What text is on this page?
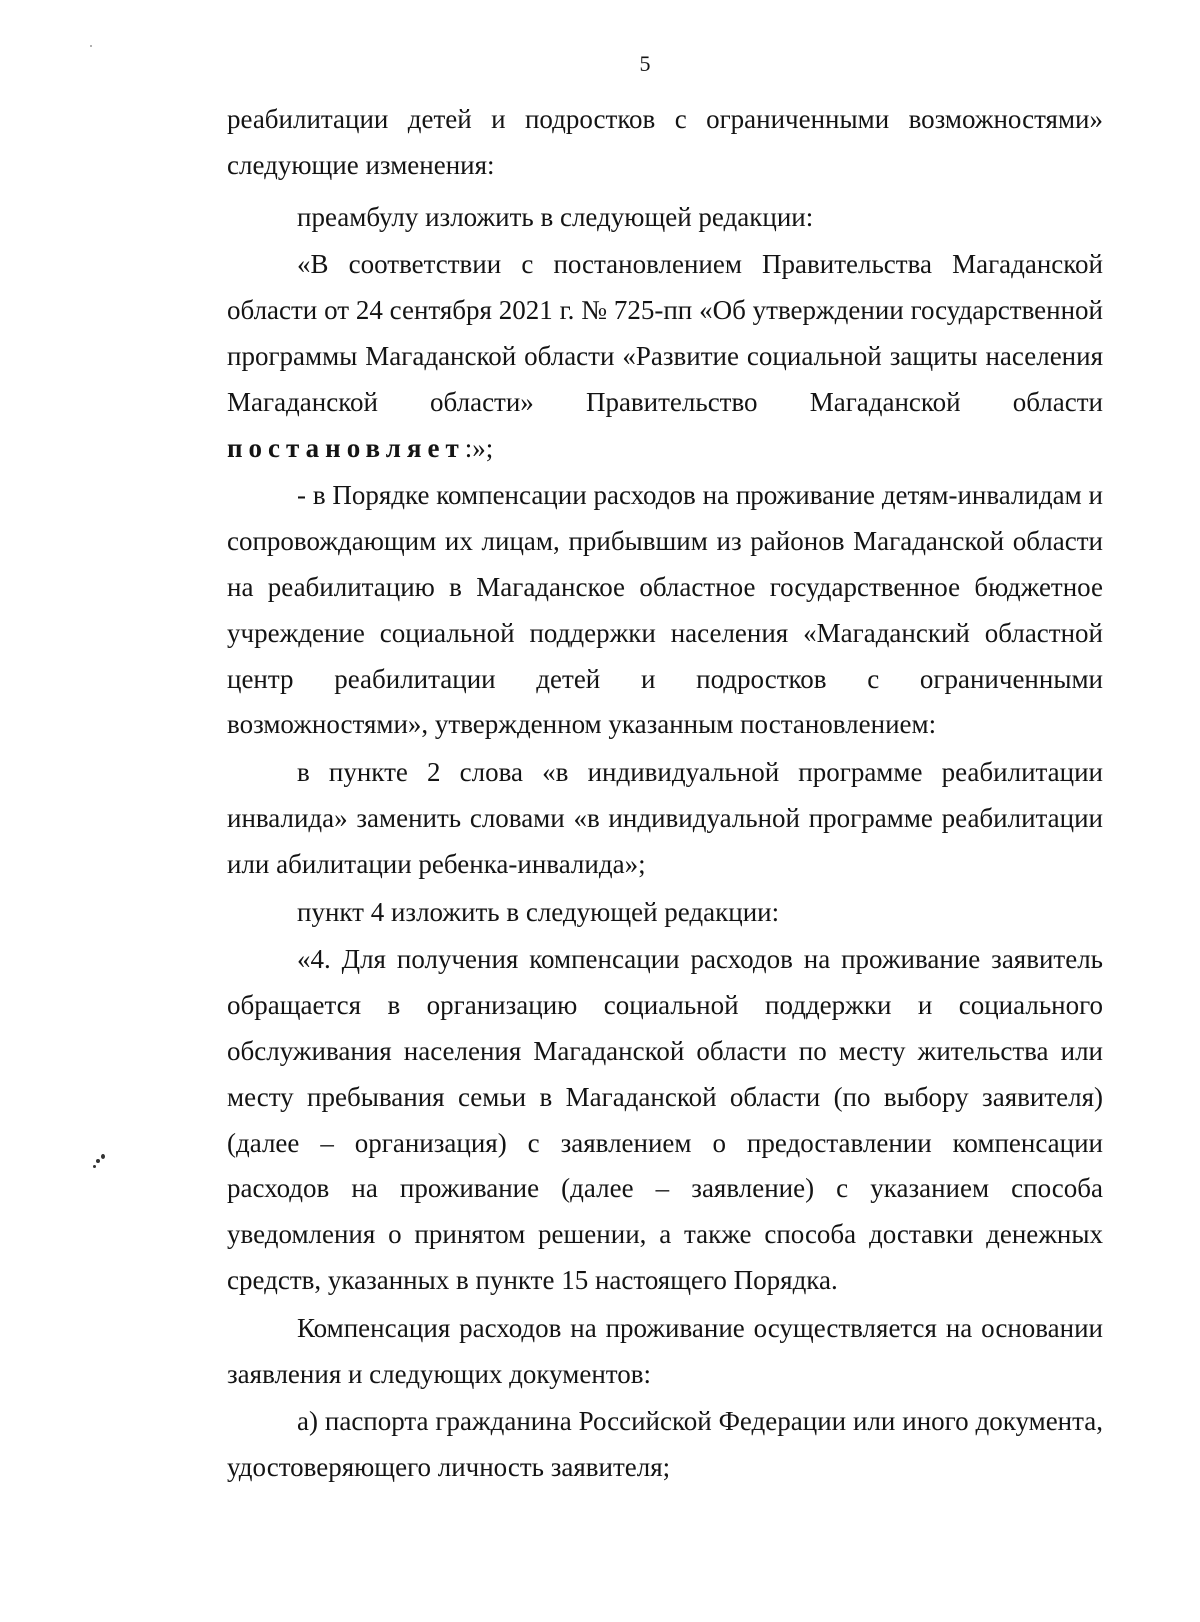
5

реабилитации детей и подростков с ограниченными возможностями» следующие изменения:

преамбулу изложить в следующей редакции:

«В соответствии с постановлением Правительства Магаданской области от 24 сентября 2021 г. № 725-пп «Об утверждении государственной программы Магаданской области «Развитие социальной защиты населения Магаданской области» Правительство Магаданской области постановляет:»;

- в Порядке компенсации расходов на проживание детям-инвалидам и сопровождающим их лицам, прибывшим из районов Магаданской области на реабилитацию в Магаданское областное государственное бюджетное учреждение социальной поддержки населения «Магаданский областной центр реабилитации детей и подростков с ограниченными возможностями», утвержденном указанным постановлением:

в пункте 2 слова «в индивидуальной программе реабилитации инвалида» заменить словами «в индивидуальной программе реабилитации или абилитации ребенка-инвалида»;

пункт 4 изложить в следующей редакции:

«4. Для получения компенсации расходов на проживание заявитель обращается в организацию социальной поддержки и социального обслуживания населения Магаданской области по месту жительства или месту пребывания семьи в Магаданской области (по выбору заявителя) (далее – организация) с заявлением о предоставлении компенсации расходов на проживание (далее – заявление) с указанием способа уведомления о принятом решении, а также способа доставки денежных средств, указанных в пункте 15 настоящего Порядка.

Компенсация расходов на проживание осуществляется на основании заявления и следующих документов:

а) паспорта гражданина Российской Федерации или иного документа, удостоверяющего личность заявителя;
